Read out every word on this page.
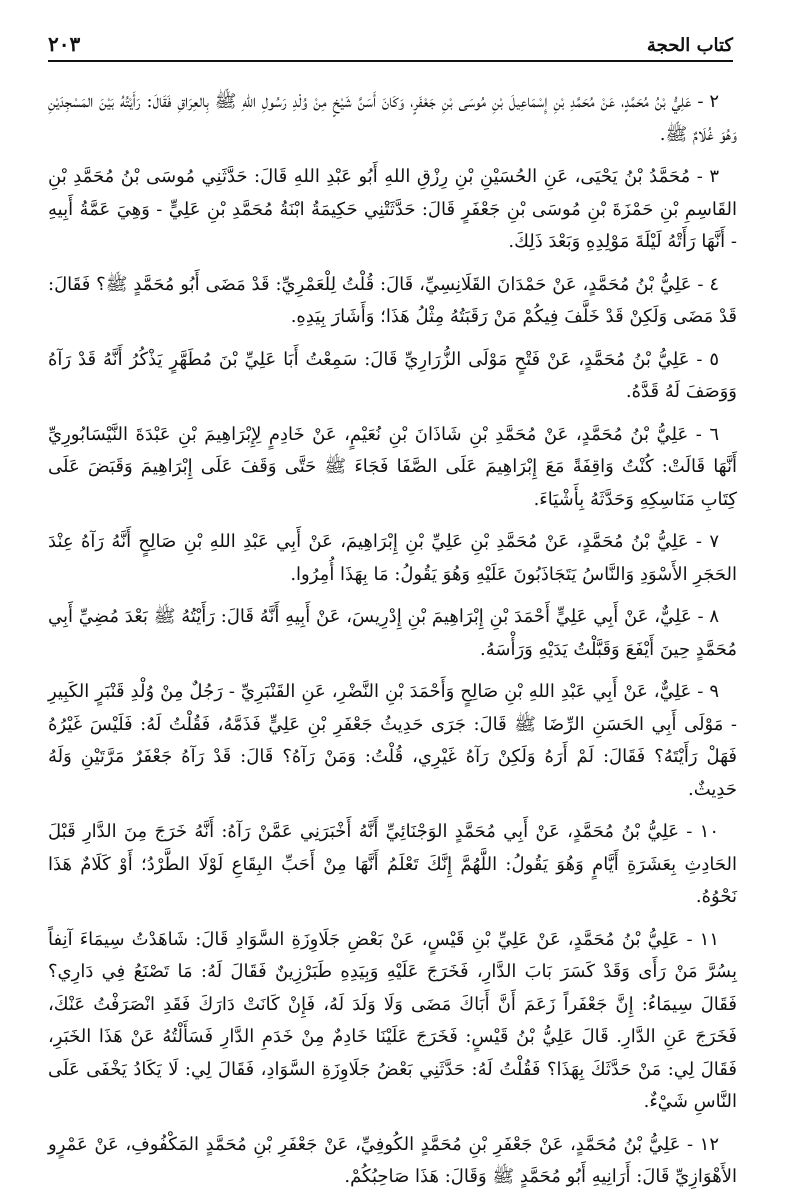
٢٠٣	كتاب الحجة

٢ - عَلِيُّ بْنُ مُحَمَّدٍ، عَنْ مُحَمَّدِ بْنِ إِسْمَاعِيلَ بْنِ مُوسَى بْنِ جَعْفَرٍ، وَكَانَ أَسَنَّ شَيْخٍ مِنْ وُلْدِ رَسُولِ اللهِ ﷺ بِالعِرَاقِ فَقَالَ: رَأَيْتُهُ بَيْنَ المَسْجِدَيْنِ وَهُوَ غُلَامٌ ﷺ.

٣ - مُحَمَّدُ بْنُ يَحْيَى، عَنِ الحُسَيْنِ بْنِ رِزْقِ اللهِ أَبُو عَبْدِ اللهِ قَالَ: حَدَّثَنِي مُوسَى بْنُ مُحَمَّدِ بْنِ القَاسِمِ بْنِ حَمْزَةَ بْنِ مُوسَى بْنِ جَعْفَرٍ قَالَ: حَدَّثَتْنِي حَكِيمَةُ ابْنَةُ مُحَمَّدِ بْنِ عَلِيٍّ - وَهِيَ عَمَّةُ أَبِيهِ - أَنَّهَا رَأَتْهُ لَيْلَةَ مَوْلِدِهِ وَبَعْدَ ذَلِكَ.

٤ - عَلِيُّ بْنُ مُحَمَّدٍ، عَنْ حَمْدَانَ القَلَانِسِيِّ، قَالَ: قُلْتُ لِلْعَمْرِيِّ: قَدْ مَضَى أَبُو مُحَمَّدٍ ﷺ؟ فَقَالَ: قَدْ مَضَى وَلَكِنْ قَدْ خَلَّفَ فِيكُمْ مَنْ رَقَبَتُهُ مِثْلُ هَذَا؛ وَأَشَارَ بِيَدِهِ.

٥ - عَلِيُّ بْنُ مُحَمَّدٍ، عَنْ فَتْحٍ مَوْلَى الزُّرَارِيِّ قَالَ: سَمِعْتُ أَبَا عَلِيِّ بْنَ مُطَهَّرٍ يَذْكُرُ أَنَّهُ قَدْ رَآهُ وَوَصَفَ لَهُ قَدَّهُ.

٦ - عَلِيُّ بْنُ مُحَمَّدٍ، عَنْ مُحَمَّدِ بْنِ شَاذَانَ بْنِ نُعَيْمٍ، عَنْ خَادِمٍ لِإِبْرَاهِيمَ بْنِ عَبْدَةَ النَّيْسَابُورِيِّ أَنَّهَا قَالَتْ: كُنْتُ وَاقِفَةً مَعَ إِبْرَاهِيمَ عَلَى الصَّفَا فَجَاءَ ﷺ حَتَّى وَقَفَ عَلَى إِبْرَاهِيمَ وَقَبَضَ عَلَى كِتَابِ مَنَاسِكِهِ وَحَدَّثَهُ بِأَشْيَاءَ.

٧ - عَلِيُّ بْنُ مُحَمَّدٍ، عَنْ مُحَمَّدِ بْنِ عَلِيِّ بْنِ إِبْرَاهِيمَ، عَنْ أَبِي عَبْدِ اللهِ بْنِ صَالِحٍ أَنَّهُ رَآهُ عِنْدَ الحَجَرِ الأَسْوَدِ وَالنَّاسُ يَتَجَاذَبُونَ عَلَيْهِ وَهُوَ يَقُولُ: مَا بِهَذَا أُمِرُوا.

٨ - عَلِيٌّ، عَنْ أَبِي عَلِيٍّ أَحْمَدَ بْنِ إِبْرَاهِيمَ بْنِ إِدْرِيسَ، عَنْ أَبِيهِ أَنَّهُ قَالَ: رَأَيْتُهُ ﷺ بَعْدَ مُضِيِّ أَبِي مُحَمَّدٍ حِينَ أَيْفَعَ وَقَبَّلْتُ يَدَيْهِ وَرَأْسَهُ.

٩ - عَلِيٌّ، عَنْ أَبِي عَبْدِ اللهِ بْنِ صَالِحٍ وَأَحْمَدَ بْنِ النَّضْرِ، عَنِ القَنْبَرِيِّ - رَجُلٌ مِنْ وُلْدِ قَنْبَرٍ الكَبِيرِ - مَوْلَى أَبِي الحَسَنِ الرِّضَا ﷺ قَالَ: جَرَى حَدِيثُ جَعْفَرِ بْنِ عَلِيٍّ فَذَمَّهُ، فَقُلْتُ لَهُ: فَلَيْسَ غَيْرُهُ فَهَلْ رَأَيْتَهُ؟ فَقَالَ: لَمْ أَرَهُ وَلَكِنْ رَآهُ غَيْرِي، قُلْتُ: وَمَنْ رَآهُ؟ قَالَ: قَدْ رَآهُ جَعْفَرٌ مَرَّتَيْنِ وَلَهُ حَدِيثٌ.

١٠ - عَلِيُّ بْنُ مُحَمَّدٍ، عَنْ أَبِي مُحَمَّدٍ الوَجْنَائِيِّ أَنَّهُ أَخْبَرَنِي عَمَّنْ رَآهُ: أَنَّهُ خَرَجَ مِنَ الدَّارِ قَبْلَ الحَادِثِ بِعَشَرَةِ أَيَّامٍ وَهُوَ يَقُولُ: اللَّهُمَّ إِنَّكَ تَعْلَمُ أَنَّهَا مِنْ أَحَبِّ البِقَاعِ لَوْلَا الطَّرْدُ؛ أَوْ كَلَامٌ هَذَا نَحْوُهُ.

١١ - عَلِيُّ بْنُ مُحَمَّدٍ، عَنْ عَلِيِّ بْنِ قَيْسٍ، عَنْ بَعْضِ جَلَاوِزَةِ السَّوَادِ قَالَ: شَاهَدْتُ سِيمَاءَ آنِفاً بِسُرَّ مَنْ رَأَى وَقَدْ كَسَرَ بَابَ الدَّارِ، فَخَرَجَ عَلَيْهِ وَبِيَدِهِ طَبَرْزِينٌ فَقَالَ لَهُ: مَا تَصْنَعُ فِي دَارِي؟ فَقَالَ سِيمَاءُ: إِنَّ جَعْفَراً زَعَمَ أَنَّ أَبَاكَ مَضَى وَلَا وَلَدَ لَهُ، فَإِنْ كَانَتْ دَارَكَ فَقَدِ انْصَرَفْتُ عَنْكَ، فَخَرَجَ عَنِ الدَّارِ. قَالَ عَلِيُّ بْنُ قَيْسٍ: فَخَرَجَ عَلَيْنَا خَادِمٌ مِنْ خَدَمِ الدَّارِ فَسَأَلْتُهُ عَنْ هَذَا الخَبَرِ، فَقَالَ لِي: مَنْ حَدَّثَكَ بِهَذَا؟ فَقُلْتُ لَهُ: حَدَّثَنِي بَعْضُ جَلَاوِزَةِ السَّوَادِ، فَقَالَ لِي: لَا يَكَادُ يَخْفَى عَلَى النَّاسِ شَيْءٌ.

١٢ - عَلِيُّ بْنُ مُحَمَّدٍ، عَنْ جَعْفَرِ بْنِ مُحَمَّدٍ الكُوفِيِّ، عَنْ جَعْفَرِ بْنِ مُحَمَّدٍ المَكْفُوفِ، عَنْ عَمْرٍو الأَهْوَازِيِّ قَالَ: أَرَانِيهِ أَبُو مُحَمَّدٍ ﷺ وَقَالَ: هَذَا صَاحِبُكُمْ.
